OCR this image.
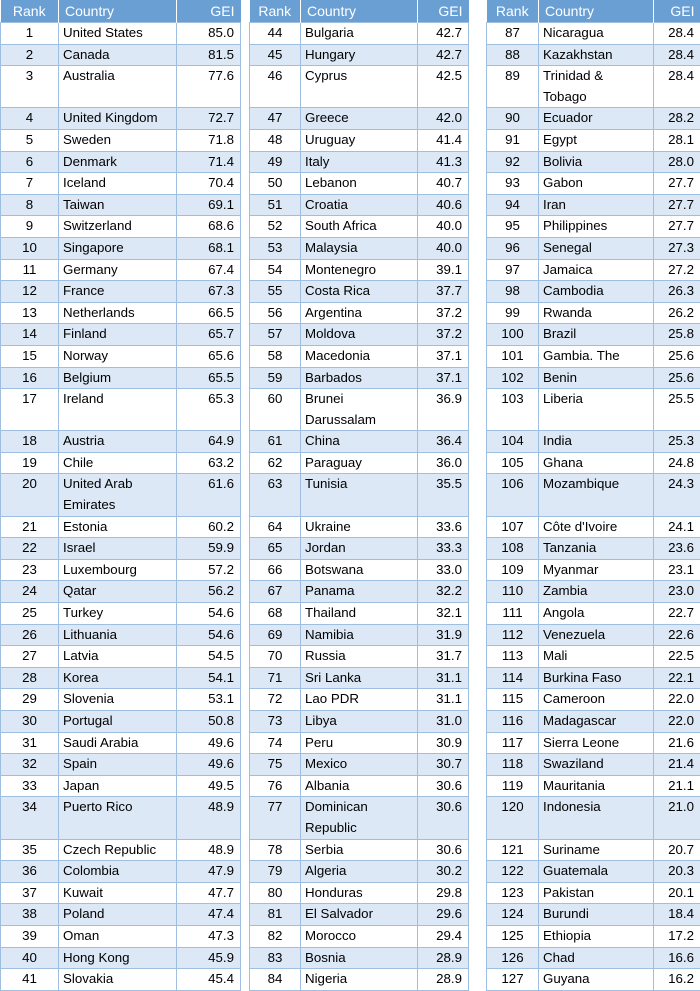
Rank	Country	GEI
1	United States	85.0
2	Canada	81.5
3	Australia	77.6
4	United Kingdom	72.7
5	Sweden	71.8
6	Denmark	71.4
7	Iceland	70.4
8	Taiwan	69.1
9	Switzerland	68.6
10	Singapore	68.1
11	Germany	67.4
12	France	67.3
13	Netherlands	66.5
14	Finland	65.7
15	Norway	65.6
16	Belgium	65.5
17	Ireland	65.3
18	Austria	64.9
19	Chile	63.2
20	United Arab Emirates	61.6
21	Estonia	60.2
22	Israel	59.9
23	Luxembourg	57.2
24	Qatar	56.2
25	Turkey	54.6
26	Lithuania	54.6
27	Latvia	54.5
28	Korea	54.1
29	Slovenia	53.1
30	Portugal	50.8
31	Saudi Arabia	49.6
32	Spain	49.6
33	Japan	49.5
34	Puerto Rico	48.9
35	Czech Republic	48.9
36	Colombia	47.9
37	Kuwait	47.7
38	Poland	47.4
39	Oman	47.3
40	Hong Kong	45.9
41	Slovakia	45.4
Rank	Country	GEI
44	Bulgaria	42.7
45	Hungary	42.7
46	Cyprus	42.5
47	Greece	42.0
48	Uruguay	41.4
49	Italy	41.3
50	Lebanon	40.7
51	Croatia	40.6
52	South Africa	40.0
53	Malaysia	40.0
54	Montenegro	39.1
55	Costa Rica	37.7
56	Argentina	37.2
57	Moldova	37.2
58	Macedonia	37.1
59	Barbados	37.1
60	Brunei Darussalam	36.9
61	China	36.4
62	Paraguay	36.0
63	Tunisia	35.5
64	Ukraine	33.6
65	Jordan	33.3
66	Botswana	33.0
67	Panama	32.2
68	Thailand	32.1
69	Namibia	31.9
70	Russia	31.7
71	Sri Lanka	31.1
72	Lao PDR	31.1
73	Libya	31.0
74	Peru	30.9
75	Mexico	30.7
76	Albania	30.6
77	Dominican Republic	30.6
78	Serbia	30.6
79	Algeria	30.2
80	Honduras	29.8
81	El Salvador	29.6
82	Morocco	29.4
83	Bosnia	28.9
84	Nigeria	28.9
Rank	Country	GEI
87	Nicaragua	28.4
88	Kazakhstan	28.4
89	Trinidad & Tobago	28.4
90	Ecuador	28.2
91	Egypt	28.1
92	Bolivia	28.0
93	Gabon	27.7
94	Iran	27.7
95	Philippines	27.7
96	Senegal	27.3
97	Jamaica	27.2
98	Cambodia	26.3
99	Rwanda	26.2
100	Brazil	25.8
101	Gambia. The	25.6
102	Benin	25.6
103	Liberia	25.5
104	India	25.3
105	Ghana	24.8
106	Mozambique	24.3
107	Côte d'Ivoire	24.1
108	Tanzania	23.6
109	Myanmar	23.1
110	Zambia	23.0
111	Angola	22.7
112	Venezuela	22.6
113	Mali	22.5
114	Burkina Faso	22.1
115	Cameroon	22.0
116	Madagascar	22.0
117	Sierra Leone	21.6
118	Swaziland	21.4
119	Mauritania	21.1
120	Indonesia	21.0
121	Suriname	20.7
122	Guatemala	20.3
123	Pakistan	20.1
124	Burundi	18.4
125	Ethiopia	17.2
126	Chad	16.6
127	Guyana	16.2
